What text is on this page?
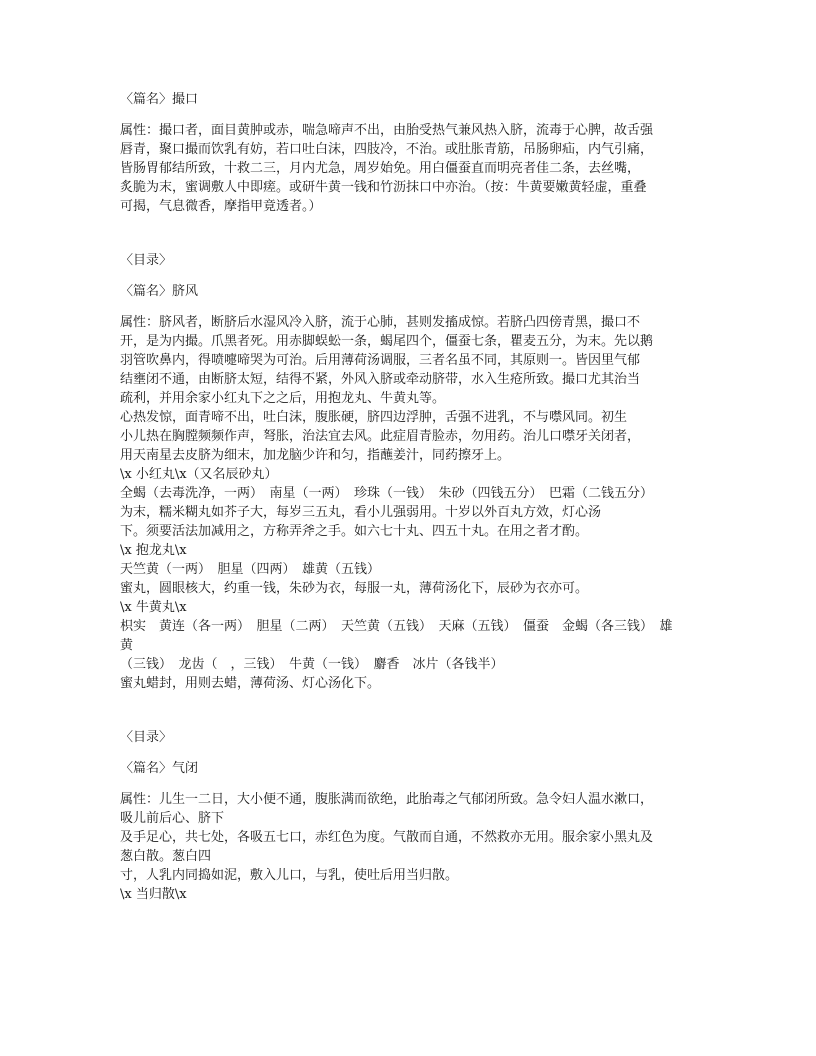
〈篇名〉撮口
属性：撮口者，面目黄肿或赤，喘急啼声不出，由胎受热气兼风热入脐，流毒于心脾，故舌强
唇青，聚口撮而饮乳有妨，若口吐白沫，四肢冷，不治。或肚胀青筋，吊肠卵疝，内气引痛，
皆肠胃郁结所致，十救二三，月内尤急，周岁始免。用白僵蚕直而明亮者佳二条，去丝嘴，
炙脆为末，蜜调敷人中即瘥。或研牛黄一钱和竹沥抹口中亦治。（按：牛黄要嫩黄轻虚，重叠
可揭，气息微香，摩指甲竟透者。）
〈目录〉
〈篇名〉脐风
属性：脐风者，断脐后水湿风冷入脐，流于心肺，甚则发搐成惊。若脐凸四傍青黑，撮口不
开，是为内撮。爪黑者死。用赤脚蜈蚣一条，蝎尾四个，僵蚕七条，瞿麦五分，为末。先以鹅
羽管吹鼻内，得喷嚏啼哭为可治。后用薄荷汤调服，三者名虽不同，其原则一。皆因里气郁
结壅闭不通，由断脐太短，结得不紧，外风入脐或牵动脐带，水入生疮所致。撮口尤其治当
疏利，并用余家小红丸下之之后，用抱龙丸、牛黄丸等。
心热发惊，面青啼不出，吐白沫，腹胀硬，脐四边浮肿，舌强不进乳，不与噤风同。初生
小儿热在胸膛频频作声，弩胀，治法宜去风。此症眉青脸赤，勿用药。治儿口噤牙关闭者，
用天南星去皮脐为细末，加龙脑少许和匀，指蘸姜汁，同药擦牙上。
\x 小红丸\x（又名辰砂丸）
全蝎（去毒洗净，一两）　南星（一两）　珍珠（一钱）　朱砂（四钱五分）　巴霜（二钱五分）
为末，糯米糊丸如芥子大，每岁三五丸，看小儿强弱用。十岁以外百丸方效，灯心汤
下。须要活法加减用之，方称弄斧之手。如六七十丸、四五十丸。在用之者才酌。
\x 抱龙丸\x
天竺黄（一两）　胆星（四两）　雄黄（五钱）
蜜丸，圆眼核大，约重一钱，朱砂为衣，每服一丸，薄荷汤化下，辰砂为衣亦可。
\x 牛黄丸\x
枳实　黄连（各一两）　胆星（二两）　天竺黄（五钱）　天麻（五钱）　僵蚕　金蝎（各三钱）　雄
黄
（三钱）　龙齿（　，三钱）　牛黄（一钱）　麝香　冰片（各钱半）
蜜丸蜡封，用则去蜡，薄荷汤、灯心汤化下。
〈目录〉
〈篇名〉气闭
属性：儿生一二日，大小便不通，腹胀满而欲绝，此胎毒之气郁闭所致。急令妇人温水漱口，
吸儿前后心、脐下
及手足心，共七处，各吸五七口，赤红色为度。气散而自通，不然救亦无用。服余家小黑丸及
葱白散。葱白四
寸，人乳内同捣如泥，敷入儿口，与乳，使吐后用当归散。
\x 当归散\x
